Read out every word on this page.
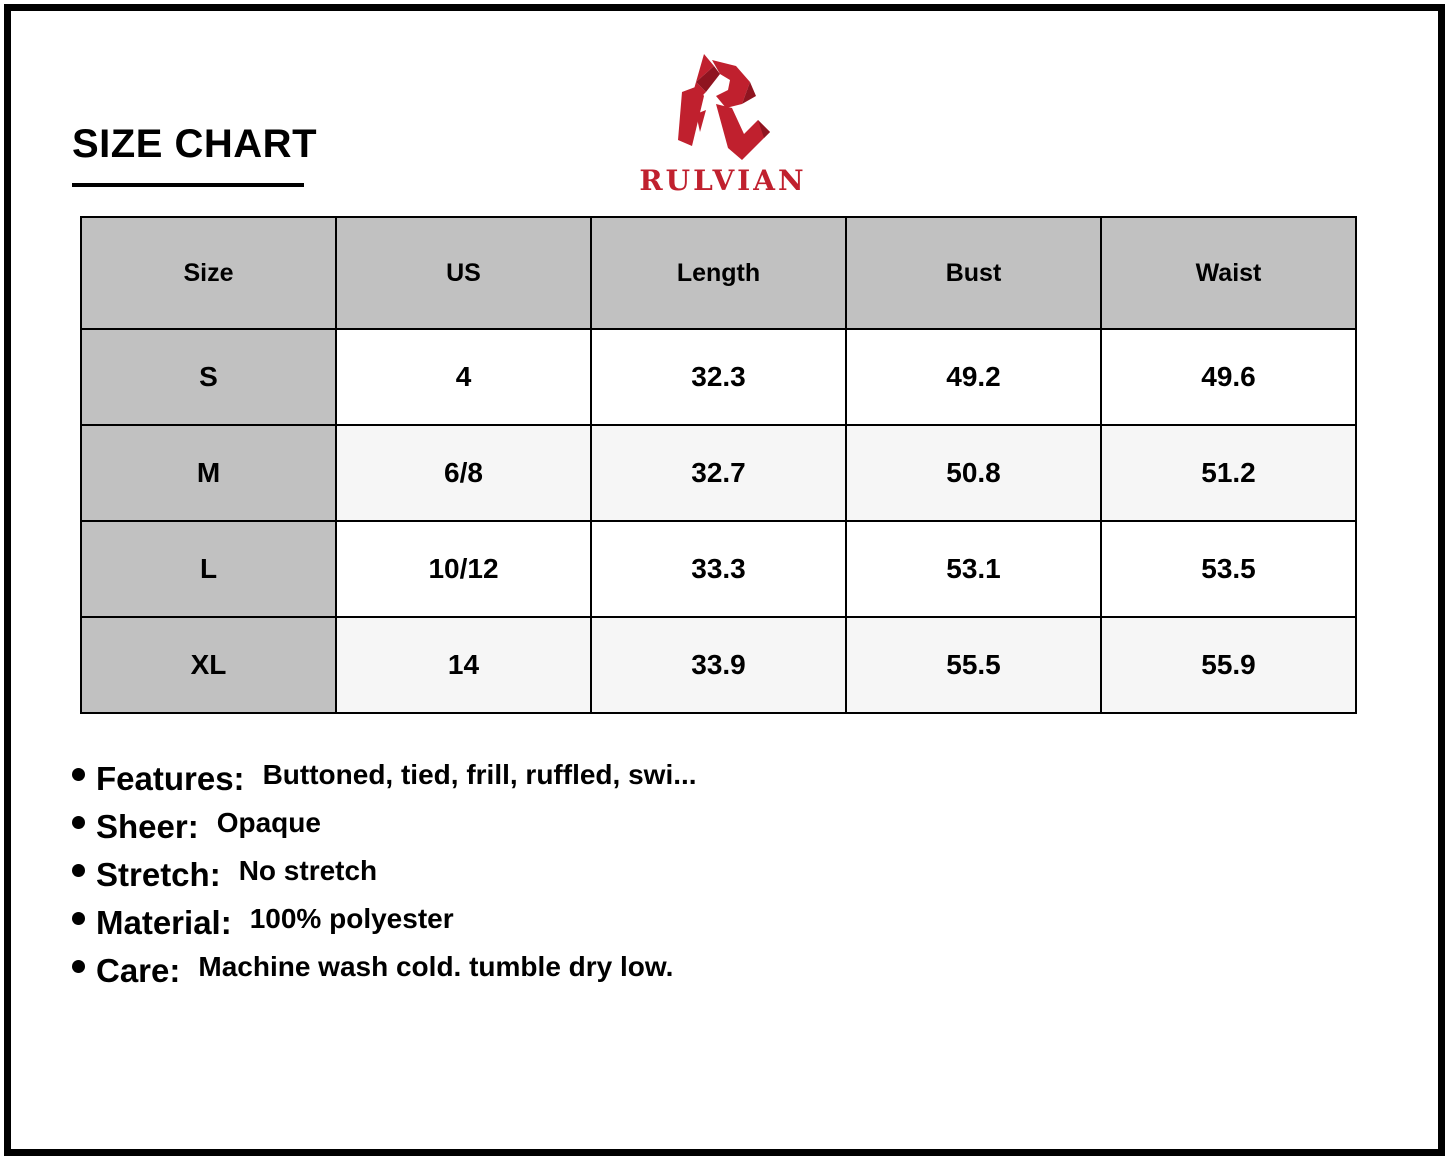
SIZE CHART
RULVIAN
Size	US	Length	Bust	Waist
S	4	32.3	49.2	49.6
M	6/8	32.7	50.8	51.2
L	10/12	33.3	53.1	53.5
XL	14	33.9	55.5	55.9
Features: Buttoned, tied, frill, ruffled, swi...
Sheer: Opaque
Stretch: No stretch
Material: 100% polyester
Care: Machine wash cold. tumble dry low.
